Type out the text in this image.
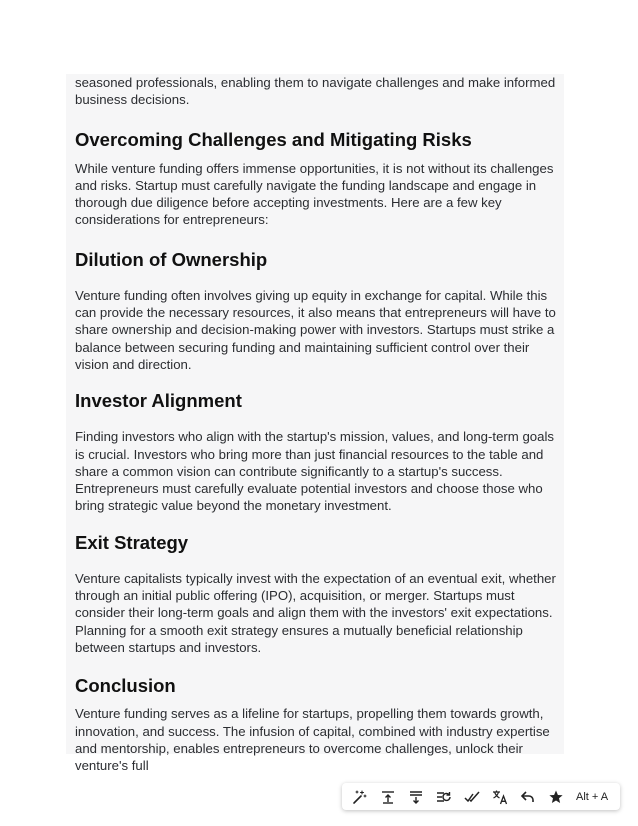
seasoned professionals, enabling them to navigate challenges and make informed business decisions.

Overcoming Challenges and Mitigating Risks

While venture funding offers immense opportunities, it is not without its challenges and risks. Startup must carefully navigate the funding landscape and engage in thorough due diligence before accepting investments. Here are a few key considerations for entrepreneurs:

Dilution of Ownership

Venture funding often involves giving up equity in exchange for capital. While this can provide the necessary resources, it also means that entrepreneurs will have to share ownership and decision-making power with investors. Startups must strike a balance between securing funding and maintaining sufficient control over their vision and direction.

Investor Alignment

Finding investors who align with the startup's mission, values, and long-term goals is crucial. Investors who bring more than just financial resources to the table and share a common vision can contribute significantly to a startup's success. Entrepreneurs must carefully evaluate potential investors and choose those who bring strategic value beyond the monetary investment.

Exit Strategy

Venture capitalists typically invest with the expectation of an eventual exit, whether through an initial public offering (IPO), acquisition, or merger. Startups must consider their long-term goals and align them with the investors' exit expectations. Planning for a smooth exit strategy ensures a mutually beneficial relationship between startups and investors.

Conclusion

Venture funding serves as a lifeline for startups, propelling them towards growth, innovation, and success. The infusion of capital, combined with industry expertise and mentorship, enables entrepreneurs to overcome challenges, unlock their venture's full

Alt + A
